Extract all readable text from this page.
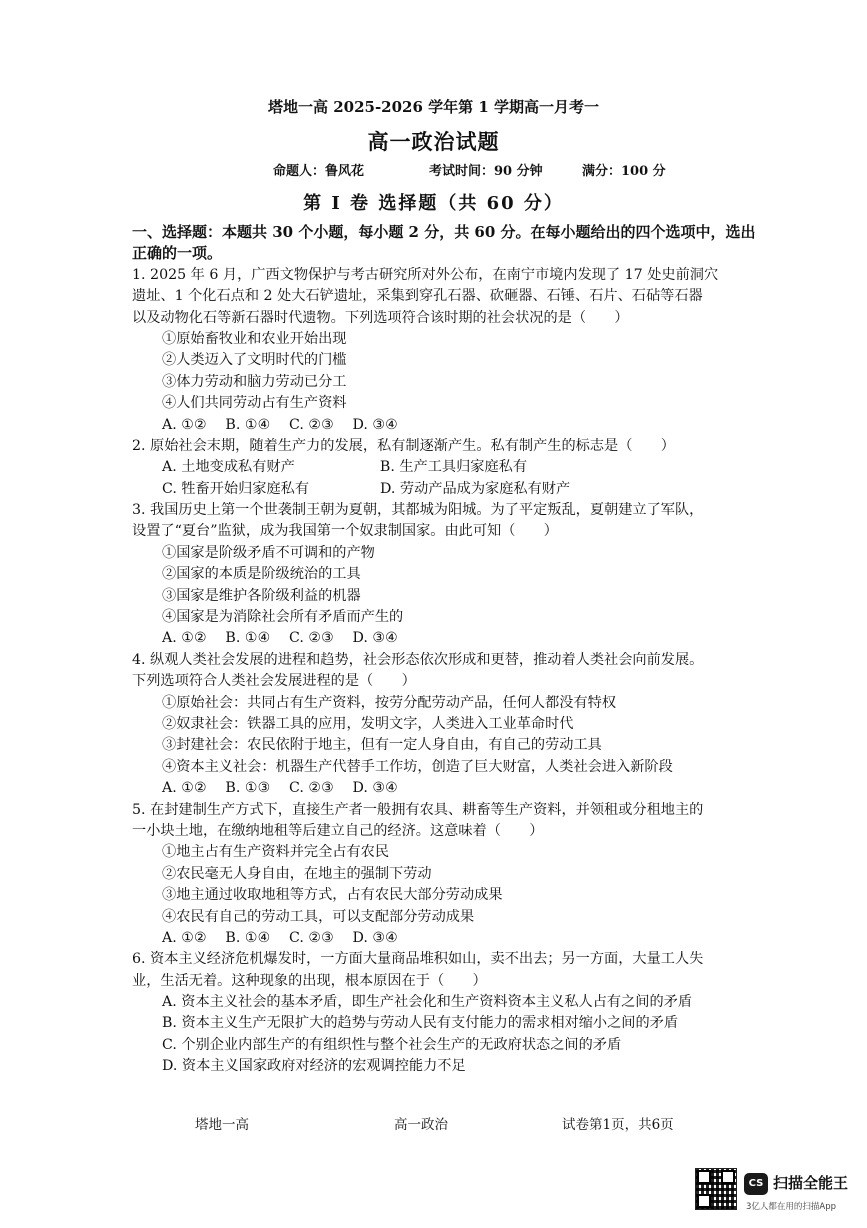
塔地一高 2025-2026 学年第 1 学期高一月考一
高一政治试题
命题人：鲁风花	考试时间：90 分钟	满分：100 分
第 Ⅰ 卷 选择题（共 60 分）
一、选择题：本题共 30 个小题，每小题 2 分，共 60 分。在每小题给出的四个选项中，选出
正确的一项。
1. 2025 年 6 月，广西文物保护与考古研究所对外公布，在南宁市境内发现了 17 处史前洞穴
遗址、1 个化石点和 2 处大石铲遗址，采集到穿孔石器、砍砸器、石锤、石片、石砧等石器
以及动物化石等新石器时代遗物。下列选项符合该时期的社会状况的是（　　）
①原始畜牧业和农业开始出现
②人类迈入了文明时代的门槛
③体力劳动和脑力劳动已分工
④人们共同劳动占有生产资料
A. ①②　 B. ①④　 C. ②③　 D. ③④
2. 原始社会末期，随着生产力的发展，私有制逐渐产生。私有制产生的标志是（　　）
A. 土地变成私有财产　　　　　　B. 生产工具归家庭私有
C. 牲畜开始归家庭私有　　　　　D. 劳动产品成为家庭私有财产
3. 我国历史上第一个世袭制王朝为夏朝，其都城为阳城。为了平定叛乱，夏朝建立了军队，
设置了“夏台”监狱，成为我国第一个奴隶制国家。由此可知（　　）
①国家是阶级矛盾不可调和的产物
②国家的本质是阶级统治的工具
③国家是维护各阶级利益的机器
④国家是为消除社会所有矛盾而产生的
A. ①②　 B. ①④　 C. ②③　 D. ③④
4. 纵观人类社会发展的进程和趋势，社会形态依次形成和更替，推动着人类社会向前发展。
下列选项符合人类社会发展进程的是（　　）
①原始社会：共同占有生产资料，按劳分配劳动产品，任何人都没有特权
②奴隶社会：铁器工具的应用，发明文字，人类进入工业革命时代
③封建社会：农民依附于地主，但有一定人身自由，有自己的劳动工具
④资本主义社会：机器生产代替手工作坊，创造了巨大财富，人类社会进入新阶段
A. ①②　 B. ①③　 C. ②③　 D. ③④
5. 在封建制生产方式下，直接生产者一般拥有农具、耕畜等生产资料，并领租或分租地主的
一小块土地，在缴纳地租等后建立自己的经济。这意味着（　　）
①地主占有生产资料并完全占有农民
②农民毫无人身自由，在地主的强制下劳动
③地主通过收取地租等方式，占有农民大部分劳动成果
④农民有自己的劳动工具，可以支配部分劳动成果
A. ①②　 B. ①④　 C. ②③　 D. ③④
6. 资本主义经济危机爆发时，一方面大量商品堆积如山，卖不出去；另一方面，大量工人失
业，生活无着。这种现象的出现，根本原因在于（　　）
A. 资本主义社会的基本矛盾，即生产社会化和生产资料资本主义私人占有之间的矛盾
B. 资本主义生产无限扩大的趋势与劳动人民有支付能力的需求相对缩小之间的矛盾
C. 个别企业内部生产的有组织性与整个社会生产的无政府状态之间的矛盾
D. 资本主义国家政府对经济的宏观调控能力不足
塔地一高	高一政治	试卷第1页，共6页
CS 扫描全能王
3亿人都在用的扫描App
